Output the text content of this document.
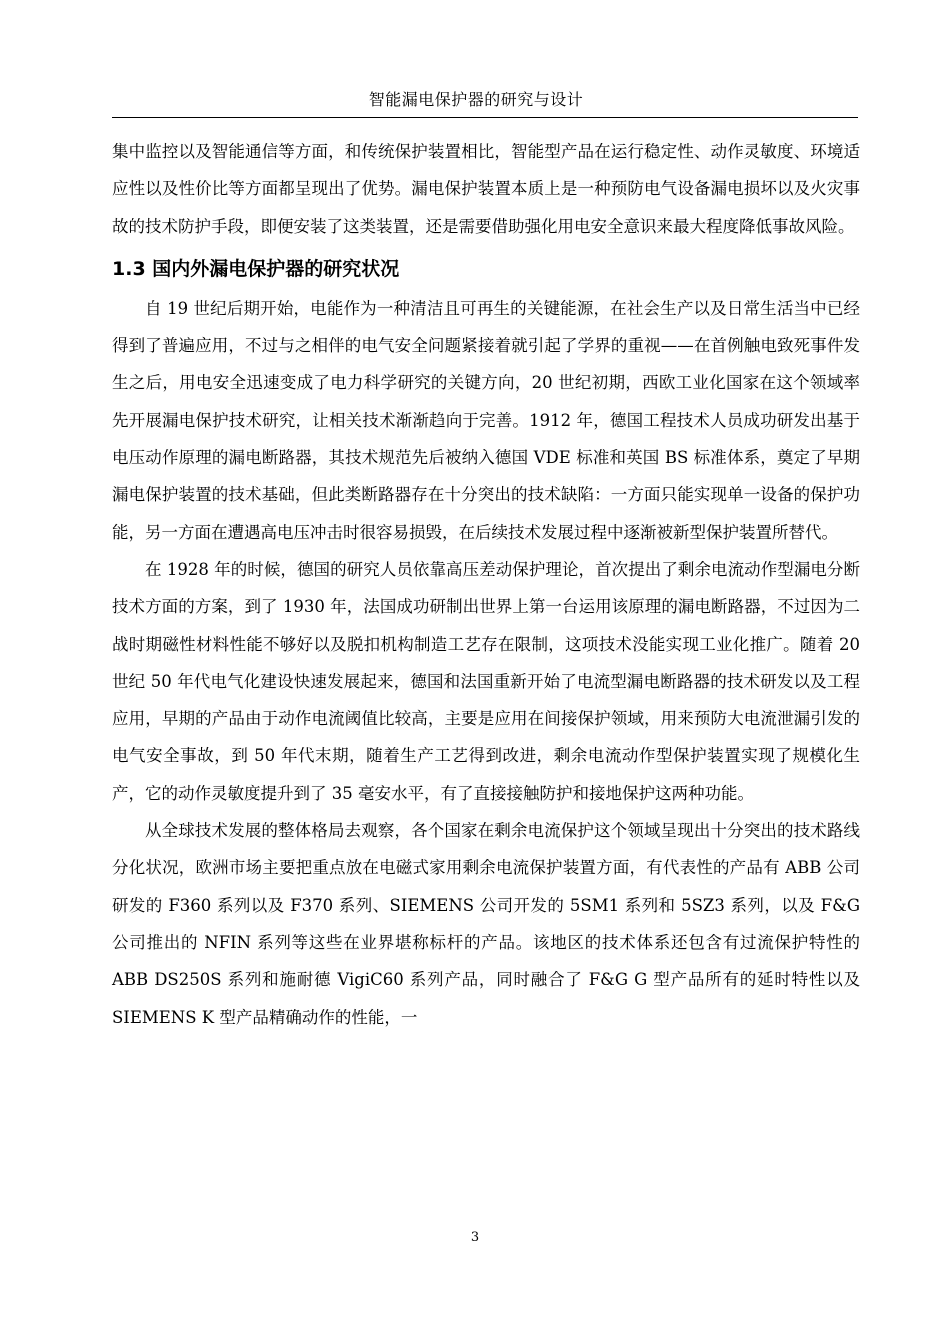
智能漏电保护器的研究与设计

集中监控以及智能通信等方面，和传统保护装置相比，智能型产品在运行稳定性、动作灵敏度、环境适应性以及性价比等方面都呈现出了优势。漏电保护装置本质上是一种预防电气设备漏电损坏以及火灾事故的技术防护手段，即便安装了这类装置，还是需要借助强化用电安全意识来最大程度降低事故风险。

1.3 国内外漏电保护器的研究状况

自 19 世纪后期开始，电能作为一种清洁且可再生的关键能源，在社会生产以及日常生活当中已经得到了普遍应用，不过与之相伴的电气安全问题紧接着就引起了学界的重视——在首例触电致死事件发生之后，用电安全迅速变成了电力科学研究的关键方向，20 世纪初期，西欧工业化国家在这个领域率先开展漏电保护技术研究，让相关技术渐渐趋向于完善。1912 年，德国工程技术人员成功研发出基于电压动作原理的漏电断路器，其技术规范先后被纳入德国 VDE 标准和英国 BS 标准体系，奠定了早期漏电保护装置的技术基础，但此类断路器存在十分突出的技术缺陷：一方面只能实现单一设备的保护功能，另一方面在遭遇高电压冲击时很容易损毁，在后续技术发展过程中逐渐被新型保护装置所替代。

在 1928 年的时候，德国的研究人员依靠高压差动保护理论，首次提出了剩余电流动作型漏电分断技术方面的方案，到了 1930 年，法国成功研制出世界上第一台运用该原理的漏电断路器，不过因为二战时期磁性材料性能不够好以及脱扣机构制造工艺存在限制，这项技术没能实现工业化推广。随着 20 世纪 50 年代电气化建设快速发展起来，德国和法国重新开始了电流型漏电断路器的技术研发以及工程应用，早期的产品由于动作电流阈值比较高，主要是应用在间接保护领域，用来预防大电流泄漏引发的电气安全事故，到 50 年代末期，随着生产工艺得到改进，剩余电流动作型保护装置实现了规模化生产，它的动作灵敏度提升到了 35 毫安水平，有了直接接触防护和接地保护这两种功能。

从全球技术发展的整体格局去观察，各个国家在剩余电流保护这个领域呈现出十分突出的技术路线分化状况，欧洲市场主要把重点放在电磁式家用剩余电流保护装置方面，有代表性的产品有 ABB 公司研发的 F360 系列以及 F370 系列、SIEMENS 公司开发的 5SM1 系列和 5SZ3 系列，以及 F&G 公司推出的 NFIN 系列等这些在业界堪称标杆的产品。该地区的技术体系还包含有过流保护特性的 ABB DS250S 系列和施耐德 VigiC60 系列产品，同时融合了 F&G G 型产品所有的延时特性以及 SIEMENS K 型产品精确动作的性能，一

3
